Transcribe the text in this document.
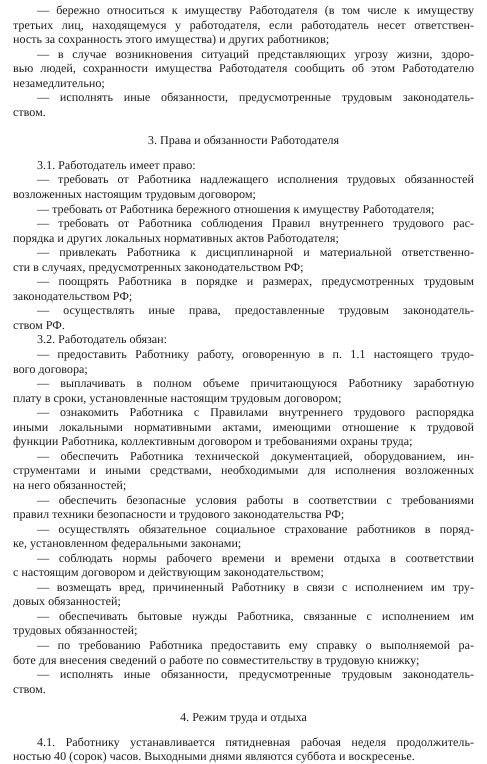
— бережно относиться к имуществу Работодателя (в том числе к имуществу
третьих лиц, находящемуся у работодателя, если работодатель несет ответствен-
ность за сохранность этого имущества) и других работников;
— в случае возникновения ситуаций представляющих угрозу жизни, здоро-
вью людей, сохранности имущества Работодателя сообщить об этом Работодателю
незамедлительно;
— исполнять иные обязанности, предусмотренные трудовым законодатель-
ством.
3. Права и обязанности Работодателя
3.1. Работодатель имеет право:
— требовать от Работника надлежащего исполнения трудовых обязанностей
возложенных настоящим трудовым договором;
— требовать от Работника бережного отношения к имуществу Работодателя;
— требовать от Работника соблюдения Правил внутреннего трудового рас-
порядка и других локальных нормативных актов Работодателя;
— привлекать Работника к дисциплинарной и материальной ответственно-
сти в случаях, предусмотренных законодательством РФ;
— поощрять Работника в порядке и размерах, предусмотренных трудовым
законодательством РФ;
— осуществлять иные права, предоставленные трудовым законодатель-
ством РФ.
3.2. Работодатель обязан:
— предоставить Работнику работу, оговоренную в п. 1.1 настоящего трудо-
вого договора;
— выплачивать в полном объеме причитающуюся Работнику заработную
плату в сроки, установленные настоящим трудовым договором;
— ознакомить Работника с Правилами внутреннего трудового распорядка
иными локальными нормативными актами, имеющими отношение к трудовой
функции Работника, коллективным договором и требованиями охраны труда;
— обеспечить Работника технической документацией, оборудованием, ин-
струментами и иными средствами, необходимыми для исполнения возложенных
на него обязанностей;
— обеспечить безопасные условия работы в соответствии с требованиями
правил техники безопасности и трудового законодательства РФ;
— осуществлять обязательное социальное страхование работников в поряд-
ке, установленном федеральными законами;
— соблюдать нормы рабочего времени и времени отдыха в соответствии
с настоящим договором и действующим законодательством;
— возмещать вред, причиненный Работнику в связи с исполнением им тру-
довых обязанностей;
— обеспечивать бытовые нужды Работника, связанные с исполнением им
трудовых обязанностей;
— по требованию Работника предоставить ему справку о выполняемой ра-
боте для внесения сведений о работе по совместительству в трудовую книжку;
— исполнять иные обязанности, предусмотренные трудовым законодатель-
ством.
4. Режим труда и отдыха
4.1. Работнику устанавливается пятидневная рабочая неделя продолжитель-
ностью 40 (сорок) часов. Выходными днями являются суббота и воскресенье.
